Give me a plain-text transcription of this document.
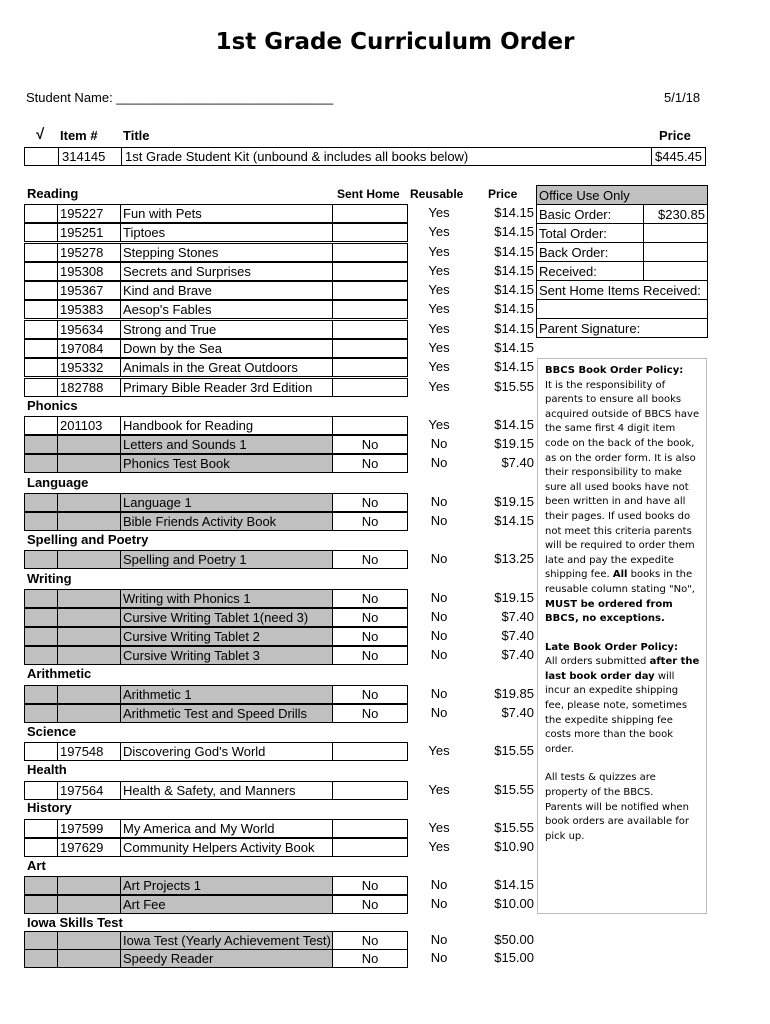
1st Grade Curriculum Order
Student Name: ______________________________	5/1/18
√ Item # Title	Price
	314145	1st Grade Student Kit (unbound & includes all books below)	$445.45
Sent Home Reusable Price
Reading
Phonics
Language
Spelling and Poetry
Writing
Arithmetic
Science
Health
History
Art
Iowa Skills Test
195227	Fun with Pets	Yes	$14.15
195251	Tiptoes	Yes	$14.15
195278	Stepping Stones	Yes	$14.15
195308	Secrets and Surprises	Yes	$14.15
195367	Kind and Brave	Yes	$14.15
195383	Aesop's Fables	Yes	$14.15
195634	Strong and True	Yes	$14.15
197084	Down by the Sea	Yes	$14.15
195332	Animals in the Great Outdoors	Yes	$14.15
182788	Primary Bible Reader 3rd Edition	Yes	$15.55
201103	Handbook for Reading	Yes	$14.15
Letters and Sounds 1	No	No	$19.15
Phonics Test Book	No	No	$7.40
Language 1	No	No	$19.15
Bible Friends Activity Book	No	No	$14.15
Spelling and Poetry 1	No	No	$13.25
Writing with Phonics 1	No	No	$19.15
Cursive Writing Tablet 1(need 3)	No	No	$7.40
Cursive Writing Tablet 2	No	No	$7.40
Cursive Writing Tablet 3	No	No	$7.40
Arithmetic 1	No	No	$19.85
Arithmetic Test and Speed Drills	No	No	$7.40
197548	Discovering God's World	Yes	$15.55
197564	Health & Safety, and Manners	Yes	$15.55
197599	My America and My World	Yes	$15.55
197629	Community Helpers Activity Book	Yes	$10.90
Art Projects 1	No	No	$14.15
Art Fee	No	No	$10.00
Iowa Test (Yearly Achievement Test)	No	No	$50.00
Speedy Reader	No	No	$15.00
Office Use Only	
Basic Order:	$230.85
Total Order:	
Back Order:	
Received:	
Sent Home Items Received:	

Parent Signature:	

BBCS Book Order Policy:

It is the responsibility of parents to ensure all books acquired outside of BBCS have the same first 4 digit item code on the back of the book, as on the order form. It is also their responsibility to make sure all used books have not been written in and have all their pages. If used books do not meet this criteria parents will be required to order them late and pay the expedite shipping fee. All books in the reusable column stating "No", MUST be ordered from BBCS, no exceptions.

Late Book Order Policy:

All orders submitted after the last book order day will incur an expedite shipping fee, please note, sometimes the expedite shipping fee costs more than the book order.

All tests & quizzes are property of the BBCS.

Parents will be notified when book orders are available for pick up.
